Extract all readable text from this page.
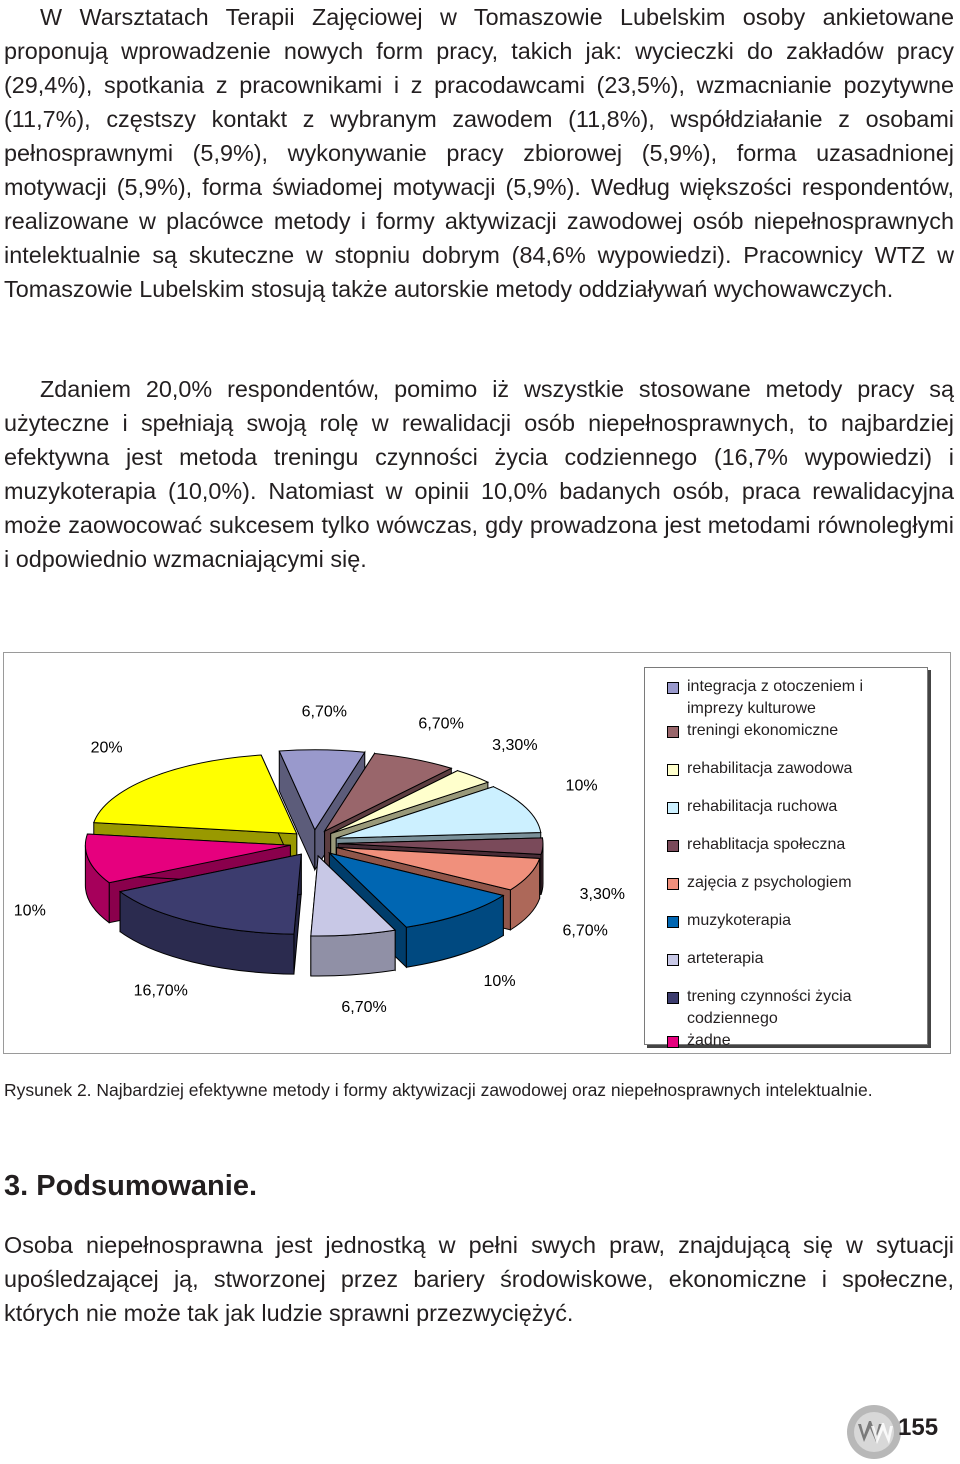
W Warsztatach Terapii Zajęciowej w Tomaszowie Lubelskim osoby ankietowane proponują wprowadzenie nowych form pracy, takich jak: wycieczki do zakładów pracy (29,4%), spotkania z pracownikami i z pracodawcami (23,5%), wzmacnianie pozytywne (11,7%), częstszy kontakt z wybranym zawodem (11,8%), współdziałanie z osobami pełnosprawnymi (5,9%), wykonywanie pracy zbiorowej (5,9%), forma uzasadnionej motywacji (5,9%), forma świadomej motywacji (5,9%). Według większości respondentów, realizowane w placówce metody i formy aktywizacji zawodowej osób niepełnosprawnych intelektualnie są skuteczne w stopniu dobrym (84,6% wypowiedzi). Pracownicy WTZ w Tomaszowie Lubelskim stosują także autorskie metody oddziaływań wychowawczych.

Zdaniem 20,0% respondentów, pomimo iż wszystkie stosowane metody pracy są użyteczne i spełniają swoją rolę w rewalidacji osób niepełnosprawnych, to najbardziej efektywna jest metoda treningu czynności życia codziennego (16,7% wypowiedzi) i muzykoterapia (10,0%). Natomiast w opinii 10,0% badanych osób, praca rewalidacyjna może zaowocować sukcesem tylko wówczas, gdy prowadzona jest metodami równoległymi i odpowiednio wzmacniającymi się.

6,70%
6,70%
3,30%
10%
3,30%
6,70%
10%
6,70%
16,70%
10%
20%
integracja z otoczeniem i
imprezy kulturowe
treningi ekonomiczne
rehabilitacja zawodowa
rehabilitacja ruchowa
rehablitacja społeczna
zajęcia z psychologiem
muzykoterapia
arteterapia
trening czynności życia
codziennego
żadne
Rysunek 2. Najbardziej efektywne metody i formy aktywizacji zawodowej oraz niepełnosprawnych intelektualnie.
3. Podsumowanie.

Osoba niepełnosprawna jest jednostką w pełni swych praw, znajdującą się w sytuacji upośledzającej ją, stworzonej przez bariery środowiskowe, ekonomiczne i społeczne, których nie może tak jak ludzie sprawni przezwyciężyć.

155
